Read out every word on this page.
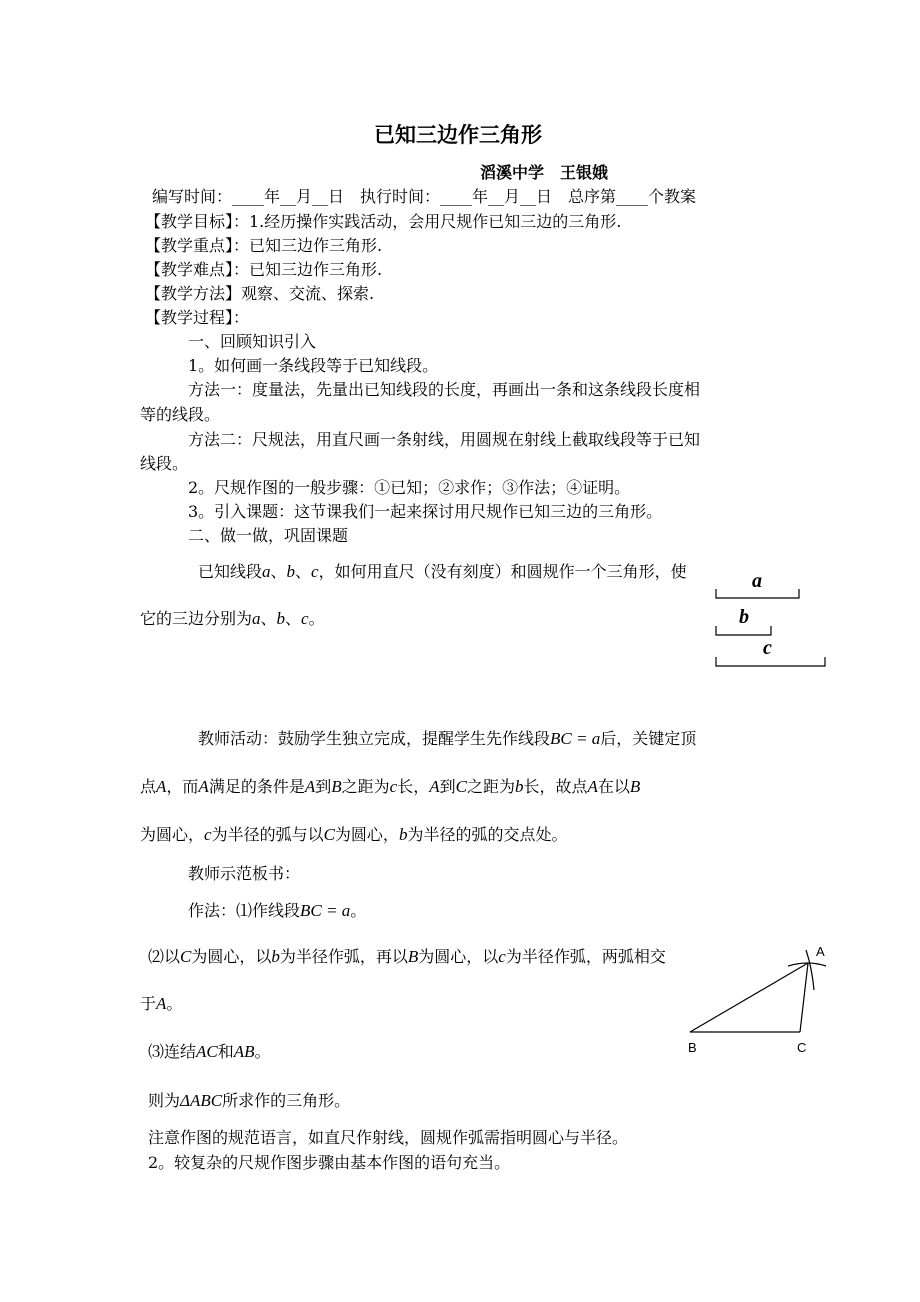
已知三边作三角形
滔溪中学　王银娥
编写时间：____年__月__日　执行时间：____年__月__日　总序第____个教案
【教学目标】：1.经历操作实践活动，会用尺规作已知三边的三角形.
【教学重点】：已知三边作三角形.
【教学难点】：已知三边作三角形.
【教学方法】观察、交流、探索.
【教学过程】：
一、回顾知识引入
1。如何画一条线段等于已知线段。
方法一：度量法，先量出已知线段的长度，再画出一条和这条线段长度相
等的线段。
方法二：尺规法，用直尺画一条射线，用圆规在射线上截取线段等于已知
线段。
2。尺规作图的一般步骤：①已知；②求作；③作法；④证明。
3。引入课题：这节课我们一起来探讨用尺规作已知三边的三角形。
二、做一做，巩固课题
已知线段a、b、c，如何用直尺（没有刻度）和圆规作一个三角形，使
它的三边分别为a、b、c。
a
b
c
教师活动：鼓励学生独立完成，提醒学生先作线段BC = a后，关键定顶
点A，而A满足的条件是A到B之距为c长，A到C之距为b长，故点A在以B
为圆心，c为半径的弧与以C为圆心，b为半径的弧的交点处。
教师示范板书：
作法：⑴作线段BC = a。
⑵以C为圆心，以b为半径作弧，再以B为圆心，以c为半径作弧，两弧相交
于A。
⑶连结AC和AB。
则为ΔABC所求作的三角形。
注意作图的规范语言，如直尺作射线，圆规作弧需指明圆心与半径。
2。较复杂的尺规作图步骤由基本作图的语句充当。
A
B	C
